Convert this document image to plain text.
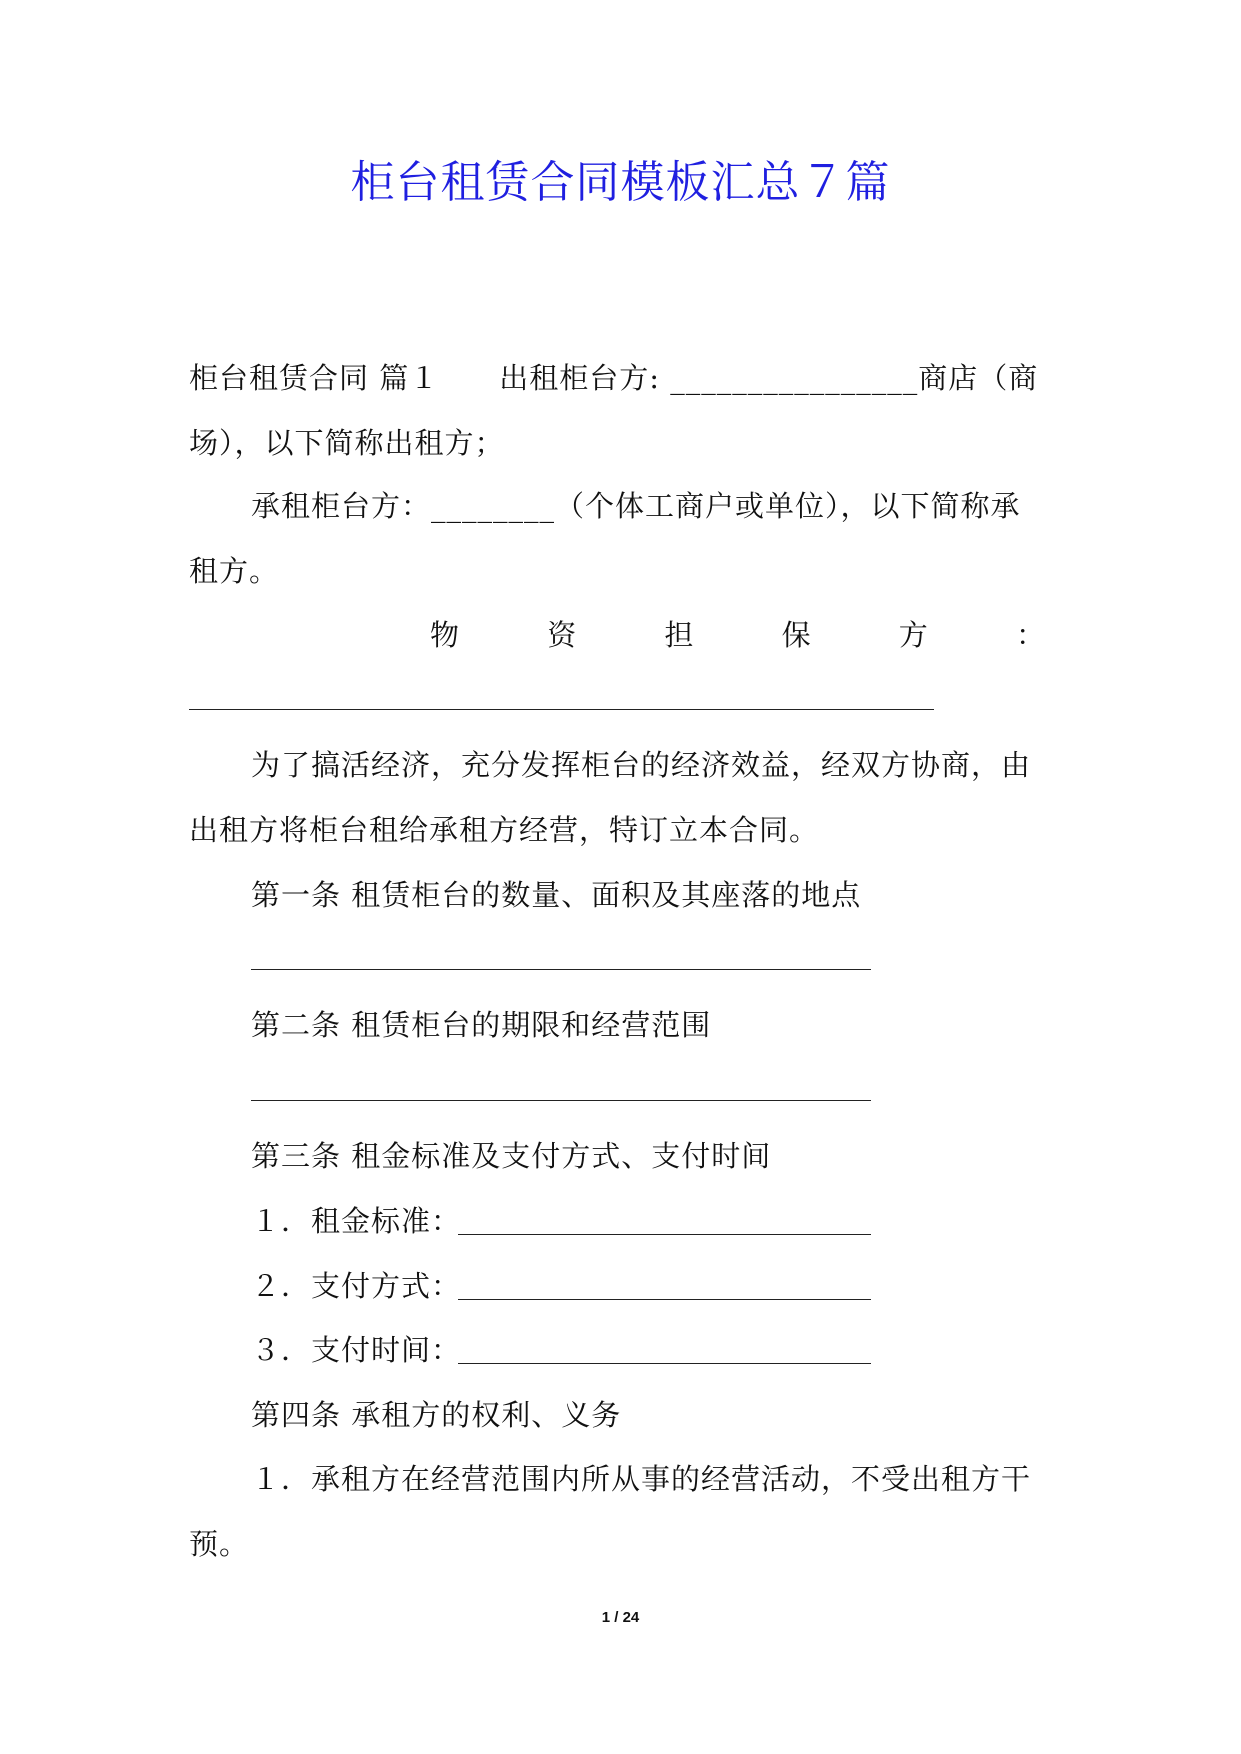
柜台租赁合同模板汇总７篇
柜台租赁合同 篇１　　出租柜台方: ________________商店（商
场），以下简称出租方；
承租柜台方：________（个体工商户或单位），以下简称承
租方。
物	资	担	保	方	：
为了搞活经济，充分发挥柜台的经济效益，经双方协商，由
出租方将柜台租给承租方经营，特订立本合同。
第一条 租赁柜台的数量、面积及其座落的地点
第二条 租赁柜台的期限和经营范围
第三条 租金标准及支付方式、支付时间
１．租金标准：
２．支付方式：
３．支付时间：
第四条 承租方的权利、义务
１．承租方在经营范围内所从事的经营活动，不受出租方干
预。
1 / 24
